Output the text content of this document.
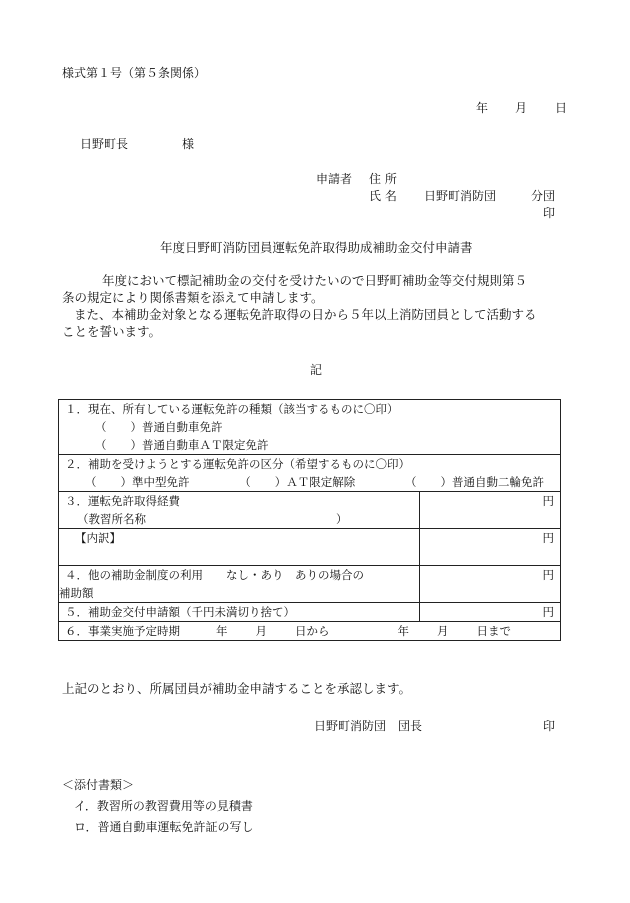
様式第１号（第５条関係）
年 月 日
日野町長	様
申請者 住 所
氏 名 日野町消防団	分団
印
年度日野町消防団員運転免許取得助成補助金交付申請書

年度において標記補助金の交付を受けたいので日野町補助金等交付規則第５

条の規定により関係書類を添えて申請します。

また、本補助金対象となる運転免許取得の日から５年以上消防団員として活動する

ことを誓います。

記
１．現在、所有している運転免許の種類（該当するものに〇印）
（ ）普通自動車免許
（ ）普通自動車ＡＴ限定免許	

２．補助を受けようとする運転免許の区分（希望するものに〇印）
（ ）準中型免許 （ ）ＡＴ限定解除 （ ）普通自動二輪免許	

３．運転免許取得経費
（教習所名称 ）	円

【内訳】	円

４．他の補助金制度の利用　　なし・あり　ありの場合の
補助額	円

５．補助金交付申請額（千円未満切り捨て）	円

６．事業実施予定時期 年 月 日から 年 月 日まで	
上記のとおり、所属団員が補助金申請することを承認します。
日野町消防団　団長	印
＜添付書類＞
イ．教習所の教習費用等の見積書
ロ．普通自動車運転免許証の写し
